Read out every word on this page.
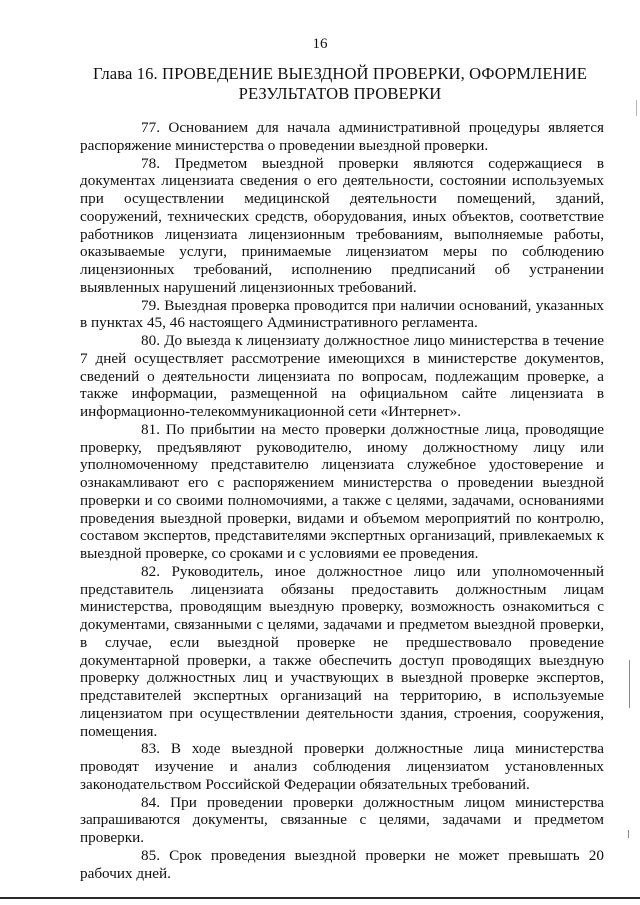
16
Глава 16. ПРОВЕДЕНИЕ ВЫЕЗДНОЙ ПРОВЕРКИ, ОФОРМЛЕНИЕ
РЕЗУЛЬТАТОВ ПРОВЕРКИ

77. Основанием для начала административной процедуры является распоряжение министерства о проведении выездной проверки.

78. Предметом выездной проверки являются содержащиеся в документах лицензиата сведения о его деятельности, состоянии используемых при осуществлении медицинской деятельности помещений, зданий, сооружений, технических средств, оборудования, иных объектов, соответствие работников лицензиата лицензионным требованиям, выполняемые работы, оказываемые услуги, принимаемые лицензиатом меры по соблюдению лицензионных требований, исполнению предписаний об устранении выявленных нарушений лицензионных требований.

79. Выездная проверка проводится при наличии оснований, указанных в пунктах 45, 46 настоящего Административного регламента.

80. До выезда к лицензиату должностное лицо министерства в течение 7 дней осуществляет рассмотрение имеющихся в министерстве документов, сведений о деятельности лицензиата по вопросам, подлежащим проверке, а также информации, размещенной на официальном сайте лицензиата в информационно-телекоммуникационной сети «Интернет».

81. По прибытии на место проверки должностные лица, проводящие проверку, предъявляют руководителю, иному должностному лицу или уполномоченному представителю лицензиата служебное удостоверение и ознакамливают его с распоряжением министерства о проведении выездной проверки и со своими полномочиями, а также с целями, задачами, основаниями проведения выездной проверки, видами и объемом мероприятий по контролю, составом экспертов, представителями экспертных организаций, привлекаемых к выездной проверке, со сроками и с условиями ее проведения.

82. Руководитель, иное должностное лицо или уполномоченный представитель лицензиата обязаны предоставить должностным лицам министерства, проводящим выездную проверку, возможность ознакомиться с документами, связанными с целями, задачами и предметом выездной проверки, в случае, если выездной проверке не предшествовало проведение документарной проверки, а также обеспечить доступ проводящих выездную проверку должностных лиц и участвующих в выездной проверке экспертов, представителей экспертных организаций на территорию, в используемые лицензиатом при осуществлении деятельности здания, строения, сооружения, помещения.

83. В ходе выездной проверки должностные лица министерства проводят изучение и анализ соблюдения лицензиатом установленных законодательством Российской Федерации обязательных требований.

84. При проведении проверки должностным лицом министерства запрашиваются документы, связанные с целями, задачами и предметом проверки.

85. Срок проведения выездной проверки не может превышать 20 рабочих дней.
